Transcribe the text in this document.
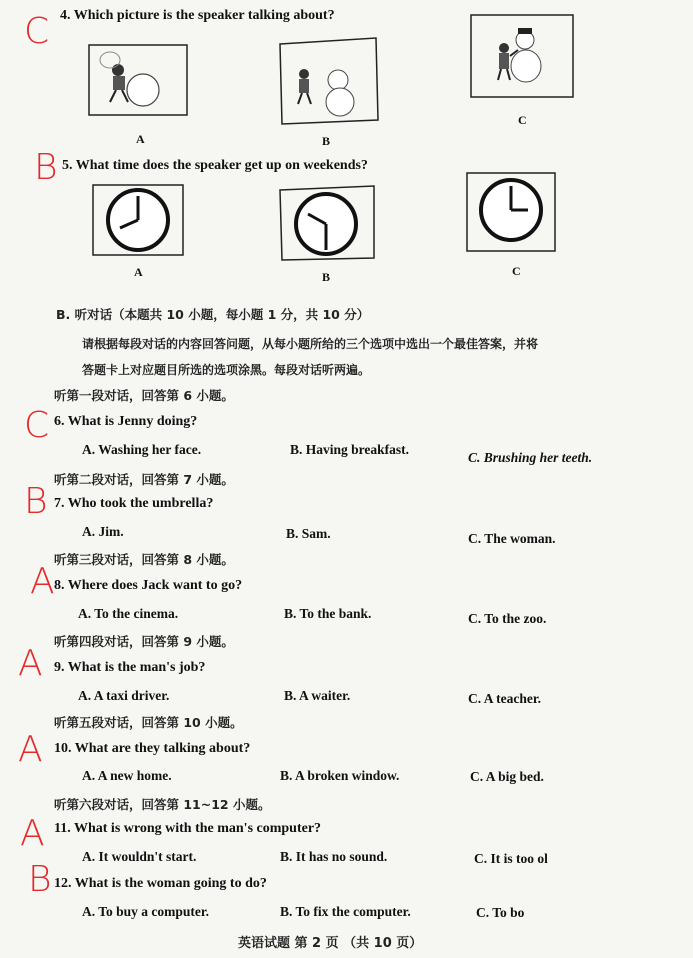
C 4. Which picture is the speaker talking about?
A	B
C
B 5. What time does the speaker get up on weekends?
A	B	C
B. 听对话（本题共 10 小题，每小题 1 分，共 10 分）
请根据每段对话的内容回答问题，从每小题所给的三个选项中选出一个最佳答案，并将
答题卡上对应题目所选的选项涂黑。每段对话听两遍。
听第一段对话，回答第 6 小题。
C 6. What is Jenny doing?
A. Washing her face.	B. Having breakfast.
C. Brushing her teeth.
听第二段对话，回答第 7 小题。
B 7. Who took the umbrella?
A. Jim.	B. Sam.	C. The woman.
听第三段对话，回答第 8 小题。
A 8. Where does Jack want to go?
A. To the cinema.	B. To the bank.	C. To the zoo.
听第四段对话，回答第 9 小题。
A 9. What is the man's job?
A. A taxi driver.	B. A waiter.	C. A teacher.
听第五段对话，回答第 10 小题。
A 10. What are they talking about?
A. A new home.	B. A broken window.	C. A big bed.
听第六段对话，回答第 11~12 小题。
A 11. What is wrong with the man's computer?
A. It wouldn't start.	B. It has no sound.	C. It is too ol
B 12. What is the woman going to do?
A. To buy a computer.	B. To fix the computer.	C. To bo
英语试题 第 2 页 （共 10 页）
